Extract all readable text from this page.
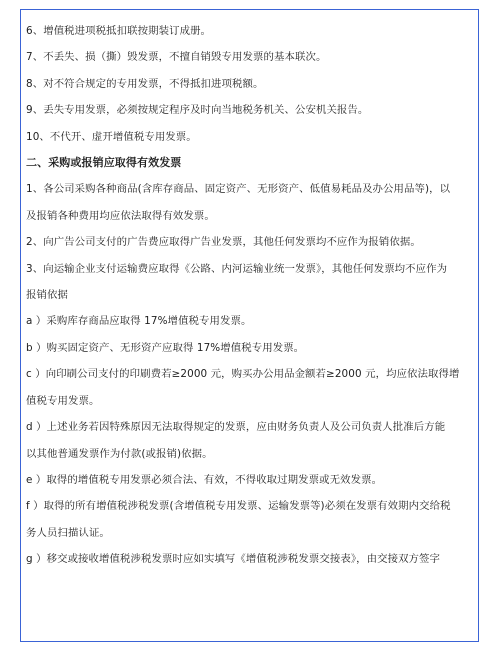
6、增值税进项税抵扣联按期装订成册。

7、不丢失、损（撕）毁发票，不擅自销毁专用发票的基本联次。

8、对不符合规定的专用发票，不得抵扣进项税额。

9、丢失专用发票，必须按规定程序及时向当地税务机关、公安机关报告。

10、不代开、虚开增值税专用发票。

二、采购或报销应取得有效发票

1、各公司采购各种商品(含库存商品、固定资产、无形资产、低值易耗品及办公用品等)，以

及报销各种费用均应依法取得有效发票。

2、向广告公司支付的广告费应取得广告业发票，其他任何发票均不应作为报销依据。

3、向运输企业支付运输费应取得《公路、内河运输业统一发票》，其他任何发票均不应作为

报销依据

a ）采购库存商品应取得 17%增值税专用发票。

b ）购买固定资产、无形资产应取得 17%增值税专用发票。

c ）向印刷公司支付的印刷费若≥2000 元，购买办公用品金额若≥2000 元，均应依法取得增

值税专用发票。

d ）上述业务若因特殊原因无法取得规定的发票，应由财务负责人及公司负责人批准后方能

以其他普通发票作为付款(或报销)依据。

e ）取得的增值税专用发票必须合法、有效，不得收取过期发票或无效发票。

f ）取得的所有增值税涉税发票(含增值税专用发票、运输发票等)必须在发票有效期内交给税

务人员扫描认证。

g ）移交或接收增值税涉税发票时应如实填写《增值税涉税发票交接表》，由交接双方签字
